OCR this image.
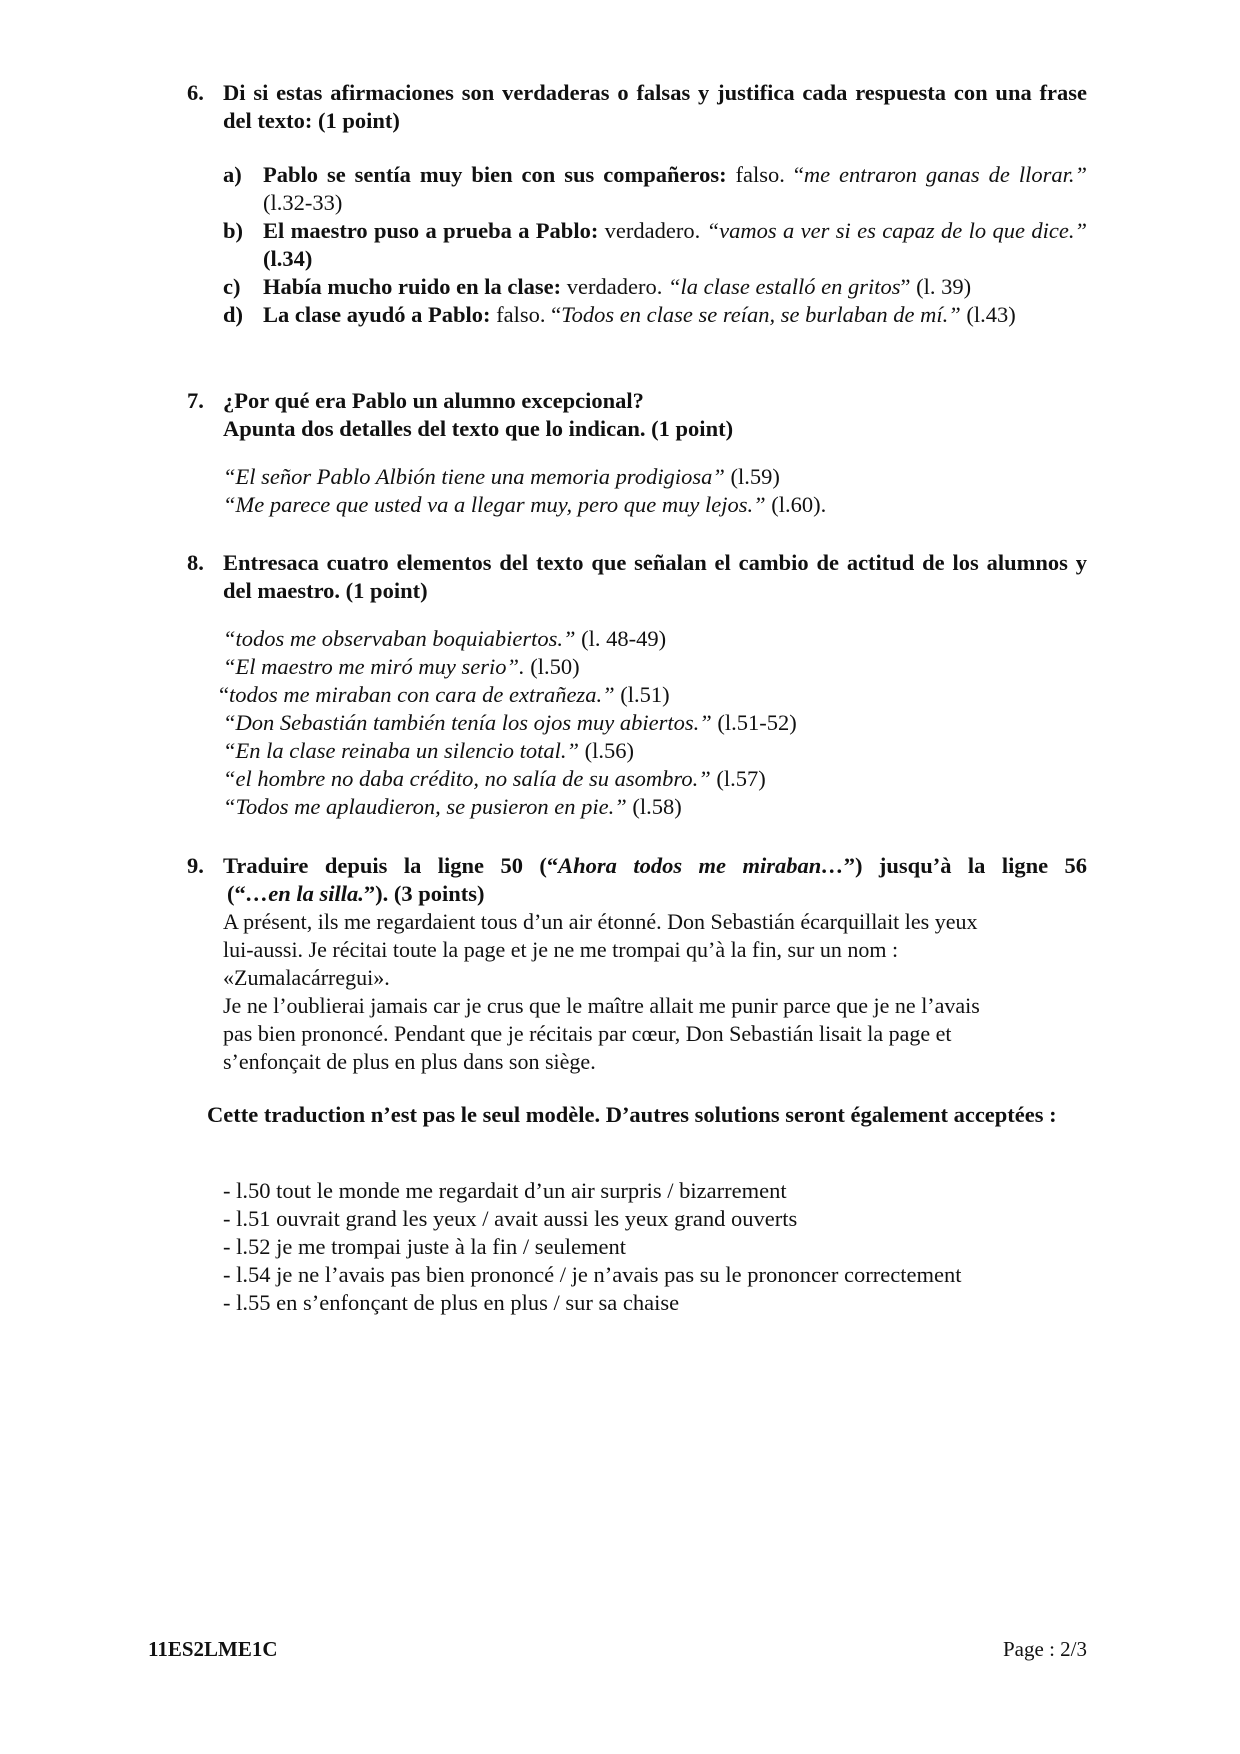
6. Di si estas afirmaciones son verdaderas o falsas y justifica cada respuesta con una frase del texto: (1 point)
a) Pablo se sentía muy bien con sus compañeros: falso. “me entraron ganas de llorar.” (l.32-33)
b) El maestro puso a prueba a Pablo: verdadero. “vamos a ver si es capaz de lo que dice.” (l.34)
c) Había mucho ruido en la clase: verdadero. “la clase estalló en gritos” (l. 39)
d) La clase ayudó a Pablo: falso. “Todos en clase se reían, se burlaban de mí.” (l.43)
7. ¿Por qué era Pablo un alumno excepcional?
Apunta dos detalles del texto que lo indican. (1 point)
“El señor Pablo Albión tiene una memoria prodigiosa” (l.59)
“Me parece que usted va a llegar muy, pero que muy lejos.” (l.60).
8. Entresaca cuatro elementos del texto que señalan el cambio de actitud de los alumnos y del maestro. (1 point)
“todos me observaban boquiabiertos.” (l. 48-49)
“El maestro me miró muy serio”. (l.50)
“todos me miraban con cara de extrañeza.” (l.51)
“Don Sebastián también tenía los ojos muy abiertos.” (l.51-52)
“En la clase reinaba un silencio total.” (l.56)
“el hombre no daba crédito, no salía de su asombro.” (l.57)
“Todos me aplaudieron, se pusieron en pie.” (l.58)
9. Traduire depuis la ligne 50 (“Ahora todos me miraban…”) jusqu’à la ligne 56
(“…en la silla.”). (3 points)
A présent, ils me regardaient tous d’un air étonné. Don Sebastián écarquillait les yeux
lui-aussi. Je récitai toute la page et je ne me trompai qu’à la fin, sur un nom :
«Zumalacárregui».
Je ne l’oublierai jamais car je crus que le maître allait me punir parce que je ne l’avais
pas bien prononcé. Pendant que je récitais par cœur, Don Sebastián lisait la page et
s’enfonçait de plus en plus dans son siège.
Cette traduction n’est pas le seul modèle. D’autres solutions seront également acceptées :
- l.50 tout le monde me regardait d’un air surpris / bizarrement
- l.51 ouvrait grand les yeux / avait aussi les yeux grand ouverts
- l.52 je me trompai juste à la fin / seulement
- l.54 je ne l’avais pas bien prononcé / je n’avais pas su le prononcer correctement
- l.55 en s’enfonçant de plus en plus / sur sa chaise
11ES2LME1C	Page : 2/3
